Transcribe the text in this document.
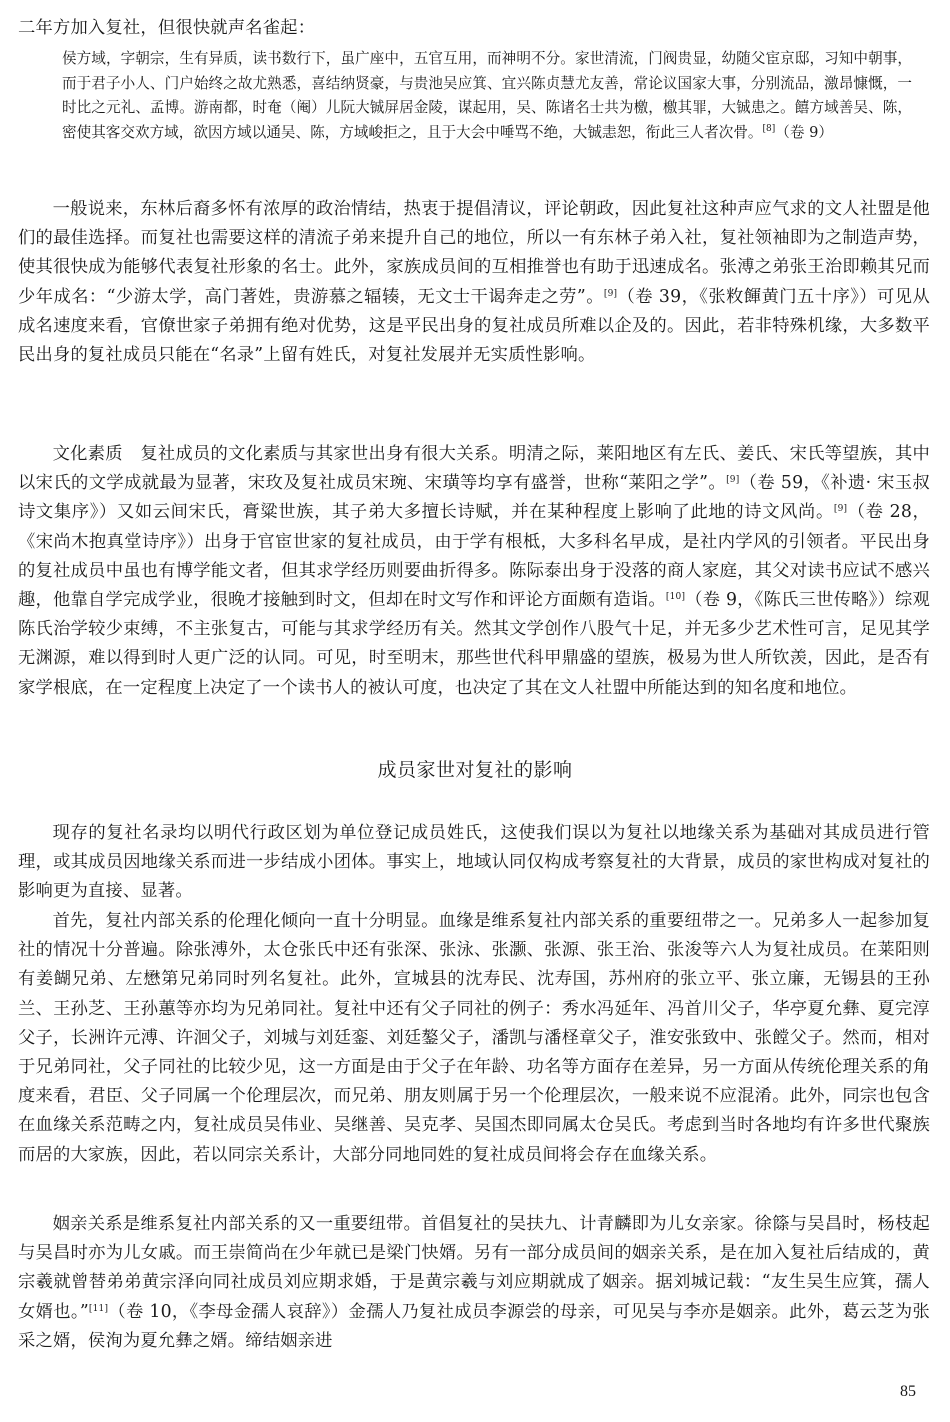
二年方加入复社，但很快就声名雀起：
侯方域，字朝宗，生有异质，读书数行下，虽广座中，五官互用，而神明不分。家世清流，门阀贵显，幼随父宦京邸，习知中朝事，而于君子小人、门户始终之故尤熟悉，喜结纳贤豪，与贵池吴应箕、宜兴陈贞慧尤友善，常论议国家大事，分别流品，激昂慷慨，一时比之元礼、孟博。游南都，时奄（阉）儿阮大铖屏居金陵，谋起用，吴、陈诸名士共为檄，檄其罪，大铖患之。饎方域善吴、陈，密使其客交欢方域，欲因方域以通吴、陈，方域峻拒之，且于大会中唾骂不绝，大铖恚恕，衔此三人者次骨。[8]（卷 9）
一般说来，东林后裔多怀有浓厚的政治情结，热衷于提倡清议，评论朝政，因此复社这种声应气求的文人社盟是他们的最佳选择。而复社也需要这样的清流子弟来提升自己的地位，所以一有东林子弟入社，复社领袖即为之制造声势，使其很快成为能够代表复社形象的名士。此外，家族成员间的互相推誉也有助于迅速成名。张溥之弟张王治即赖其兄而少年成名：“少游太学，高门著姓，贵游慕之辐辏，无文士干谒奔走之劳”。[9]（卷 39，《张敉餫黄门五十序》）可见从成名速度来看，官僚世家子弟拥有绝对优势，这是平民出身的复社成员所难以企及的。因此，若非特殊机缘，大多数平民出身的复社成员只能在“名录”上留有姓氏，对复社发展并无实质性影响。
文化素质　复社成员的文化素质与其家世出身有很大关系。明清之际，莱阳地区有左氏、姜氏、宋氏等望族，其中以宋氏的文学成就最为显著，宋玫及复社成员宋琬、宋璜等均享有盛誉，世称“莱阳之学”。[9]（卷 59，《补遗· 宋玉叔诗文集序》）又如云间宋氏，膏粱世族，其子弟大多擅长诗赋，并在某种程度上影响了此地的诗文风尚。[9]（卷 28，《宋尚木抱真堂诗序》）出身于官宦世家的复社成员，由于学有根柢，大多科名早成，是社内学风的引领者。平民出身的复社成员中虽也有博学能文者，但其求学经历则要曲折得多。陈际泰出身于没落的商人家庭，其父对读书应试不感兴趣，他靠自学完成学业，很晚才接触到时文，但却在时文写作和评论方面颇有造诣。[10]（卷 9，《陈氏三世传略》）综观陈氏治学较少束缚，不主张复古，可能与其求学经历有关。然其文学创作八股气十足，并无多少艺术性可言，足见其学无渊源，难以得到时人更广泛的认同。可见，时至明末，那些世代科甲鼎盛的望族，极易为世人所钦羡，因此，是否有家学根底，在一定程度上决定了一个读书人的被认可度，也决定了其在文人社盟中所能达到的知名度和地位。
成员家世对复社的影响
现存的复社名录均以明代行政区划为单位登记成员姓氏，这使我们误以为复社以地缘关系为基础对其成员进行管理，或其成员因地缘关系而进一步结成小团体。事实上，地域认同仅构成考察复社的大背景，成员的家世构成对复社的影响更为直接、显著。
首先，复社内部关系的伦理化倾向一直十分明显。血缘是维系复社内部关系的重要纽带之一。兄弟多人一起参加复社的情况十分普遍。除张溥外，太仓张氏中还有张深、张泳、张灏、张源、张王治、张浚等六人为复社成员。在莱阳则有姜餬兄弟、左懋第兄弟同时列名复社。此外，宣城县的沈寿民、沈寿国，苏州府的张立平、张立廉，无锡县的王孙兰、王孙芝、王孙蕙等亦均为兄弟同社。复社中还有父子同社的例子：秀水冯延年、冯首川父子，华亭夏允彝、夏完淳父子，长洲许元溥、许洄父子，刘城与刘廷銮、刘廷鏊父子，潘凯与潘柽章父子，淮安张致中、张饄父子。然而，相对于兄弟同社，父子同社的比较少见，这一方面是由于父子在年龄、功名等方面存在差异，另一方面从传统伦理关系的角度来看，君臣、父子同属一个伦理层次，而兄弟、朋友则属于另一个伦理层次，一般来说不应混淆。此外，同宗也包含在血缘关系范畴之内，复社成员吴伟业、吴继善、吴克孝、吴国杰即同属太仓吴氏。考虑到当时各地均有许多世代聚族而居的大家族，因此，若以同宗关系计，大部分同地同姓的复社成员间将会存在血缘关系。
姻亲关系是维系复社内部关系的又一重要纽带。首倡复社的吴扶九、计青麟即为儿女亲家。徐篨与吴昌时，杨枝起与吴昌时亦为儿女戚。而王崇简尚在少年就已是梁门快婿。另有一部分成员间的姻亲关系，是在加入复社后结成的，黄宗羲就曾替弟弟黄宗泽向同社成员刘应期求婚，于是黄宗羲与刘应期就成了姻亲。据刘城记载：“友生吴生应箕，孺人女婿也。”[11]（卷 10，《李母金孺人哀辞》）金孺人乃复社成员李源尝的母亲，可见吴与李亦是姻亲。此外，葛云芝为张采之婿，侯洵为夏允彝之婿。缔结姻亲进
85
